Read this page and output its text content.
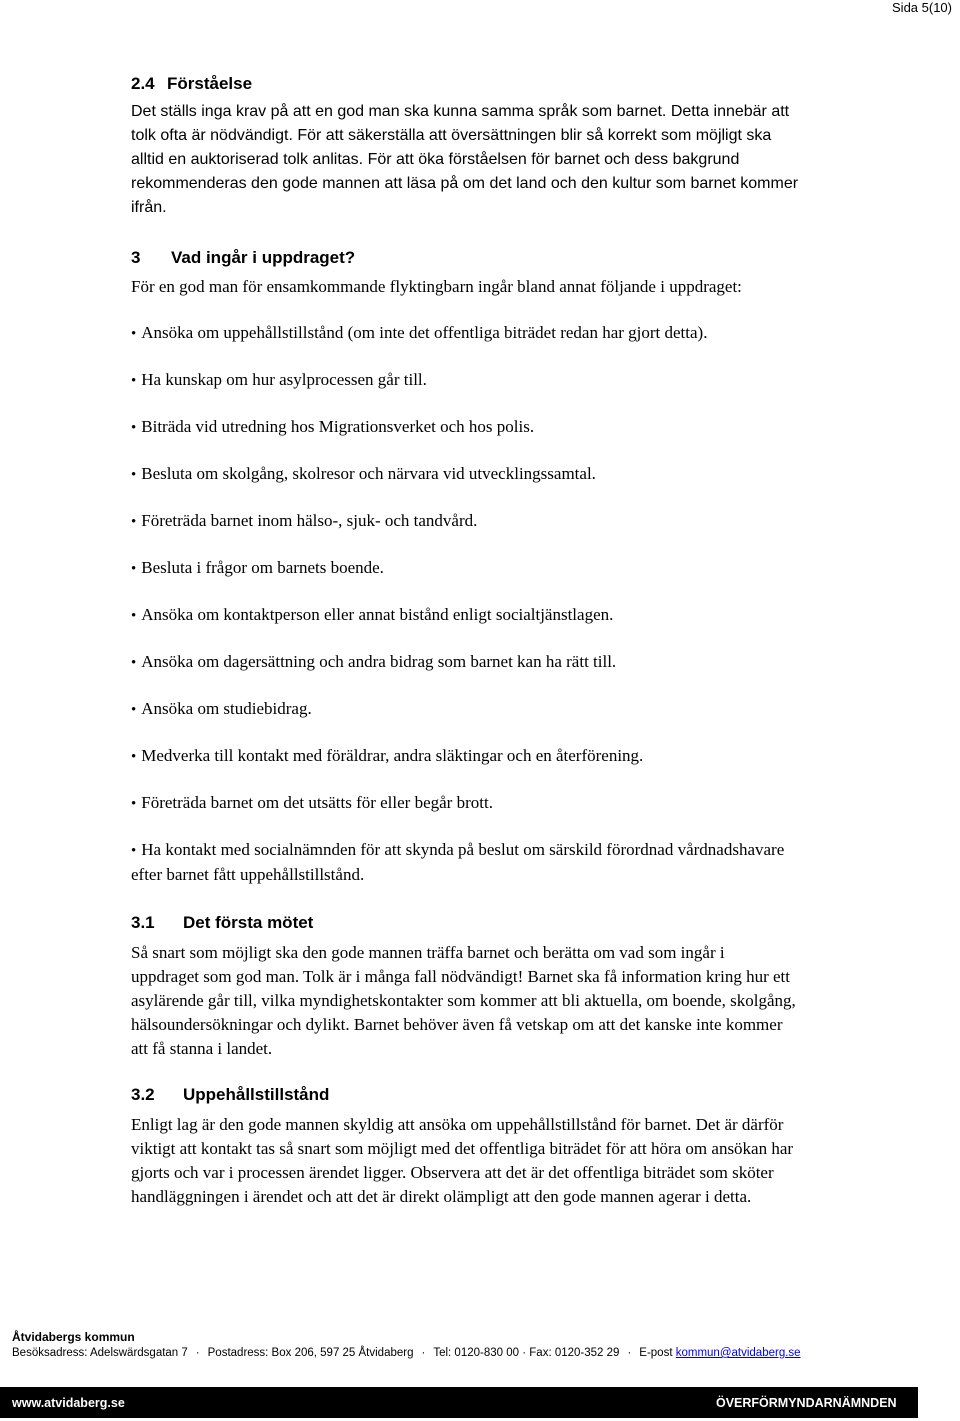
Sida 5(10)
2.4 Förståelse

Det ställs inga krav på att en god man ska kunna samma språk som barnet. Detta innebär att tolk ofta är nödvändigt. För att säkerställa att översättningen blir så korrekt som möjligt ska alltid en auktoriserad tolk anlitas. För att öka förståelsen för barnet och dess bakgrund rekommenderas den gode mannen att läsa på om det land och den kultur som barnet kommer ifrån.

3 Vad ingår i uppdraget?

För en god man för ensamkommande flyktingbarn ingår bland annat följande i uppdraget:

• Ansöka om uppehållstillstånd (om inte det offentliga biträdet redan har gjort detta).
• Ha kunskap om hur asylprocessen går till.
• Biträda vid utredning hos Migrationsverket och hos polis.
• Besluta om skolgång, skolresor och närvara vid utvecklingssamtal.
• Företräda barnet inom hälso-, sjuk- och tandvård.
• Besluta i frågor om barnets boende.
• Ansöka om kontaktperson eller annat bistånd enligt socialtjänstlagen.
• Ansöka om dagersättning och andra bidrag som barnet kan ha rätt till.
• Ansöka om studiebidrag.
• Medverka till kontakt med föräldrar, andra släktingar och en återförening.
• Företräda barnet om det utsätts för eller begår brott.
• Ha kontakt med socialnämnden för att skynda på beslut om särskild förordnad vårdnadshavare efter barnet fått uppehållstillstånd.
3.1 Det första mötet

Så snart som möjligt ska den gode mannen träffa barnet och berätta om vad som ingår i uppdraget som god man. Tolk är i många fall nödvändigt! Barnet ska få information kring hur ett asylärende går till, vilka myndighetskontakter som kommer att bli aktuella, om boende, skolgång, hälsoundersökningar och dylikt. Barnet behöver även få vetskap om att det kanske inte kommer att få stanna i landet.

3.2 Uppehållstillstånd

Enligt lag är den gode mannen skyldig att ansöka om uppehållstillstånd för barnet. Det är därför viktigt att kontakt tas så snart som möjligt med det offentliga biträdet för att höra om ansökan har gjorts och var i processen ärendet ligger. Observera att det är det offentliga biträdet som sköter handläggningen i ärendet och att det är direkt olämpligt att den gode mannen agerar i detta.

Åtvidabergs kommun
Besöksadress: Adelswärdsgatan 7 · Postadress: Box 206, 597 25 Åtvidaberg · Tel: 0120-830 00 · Fax: 0120-352 29 · E-post kommun@atvidaberg.se
www.atvidaberg.se	ÖVERFÖRMYNDARNÄMNDEN
